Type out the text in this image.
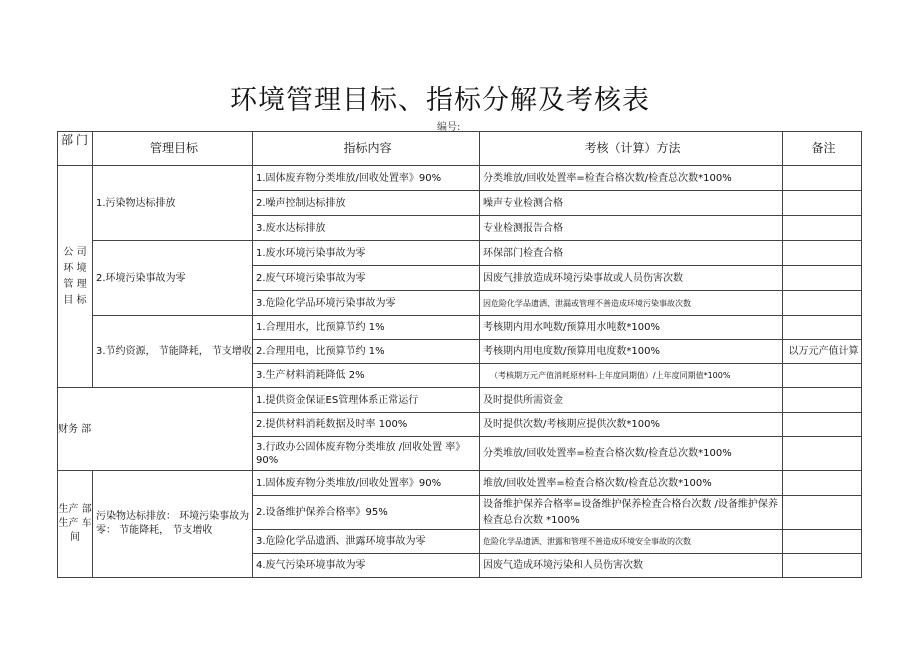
环境管理目标、指标分解及考核表
编号:
部门	管理目标	指标内容	考核（计算）方法	备注
公 司 环 境 管 理 目 标	1.污染物达标排放	1.固体废弃物分类堆放/回收处置率》90%	分类堆放/回收处置率=检査合格次数/检査总次数*100%	
		2.噪声控制达标排放	噪声专业检测合格	
		3.废水达标排放	专业检测报告合格	
	2.环境污染事故为零	1.废水环境污染事故为零	环保部门检査合格	
		2.废气环境污染事故为零	因废气排放造成环境污染事故或人员伤害次数	
		3.危险化学品环境污染事故为零	因危险化学品遗洒、泄漏或管理不善造成环境污染事故次数	
	3.节约资源， 节能降耗， 节支增收	1.合理用水，比预算节约 1%	考核期内用水吨数/预算用水吨数*100%	
		2.合理用电，比预算节约 1%	考核期内用电度数/预算用电度数*100%	以万元产值计算
		3.生产材料消耗降低 2%	（考核期万元产值消耗原材料-上年度同期值）/上年度同期值*100%	
财务 部		1.提供资金保证ES管理体系正常运行	及时提供所需资金	
		2.提供材料消耗数据及时率 100%	及时提供次数/考核期应提供次数*100%	
		3.行政办公固体废弃物分类堆放 /回收处置 率》90%	分类堆放/回收处置率=检査合格次数/检査总次数*100%	
生产 部 生产 车 间	污染物达标排放： 环境污染事故为零： 节能降耗， 节支增收	1.固体废弃物分类堆放/回收处置率》90%	堆放/回收处置率=检査合格次数/检査总次数*100%	
		2.设备维护保养合格率》95%	设备维护保养合格率=设备维护保养检査合格台次数 /设备维护保养检査总台次数 *100%	
		3.危险化学品遗洒、泄露环境事故为零	危险化学品遗洒、泄露和管理不善造成环境安全事故的次数	
		4.废气污染环境事故为零	因废气造成环境污染和人员伤害次数	
